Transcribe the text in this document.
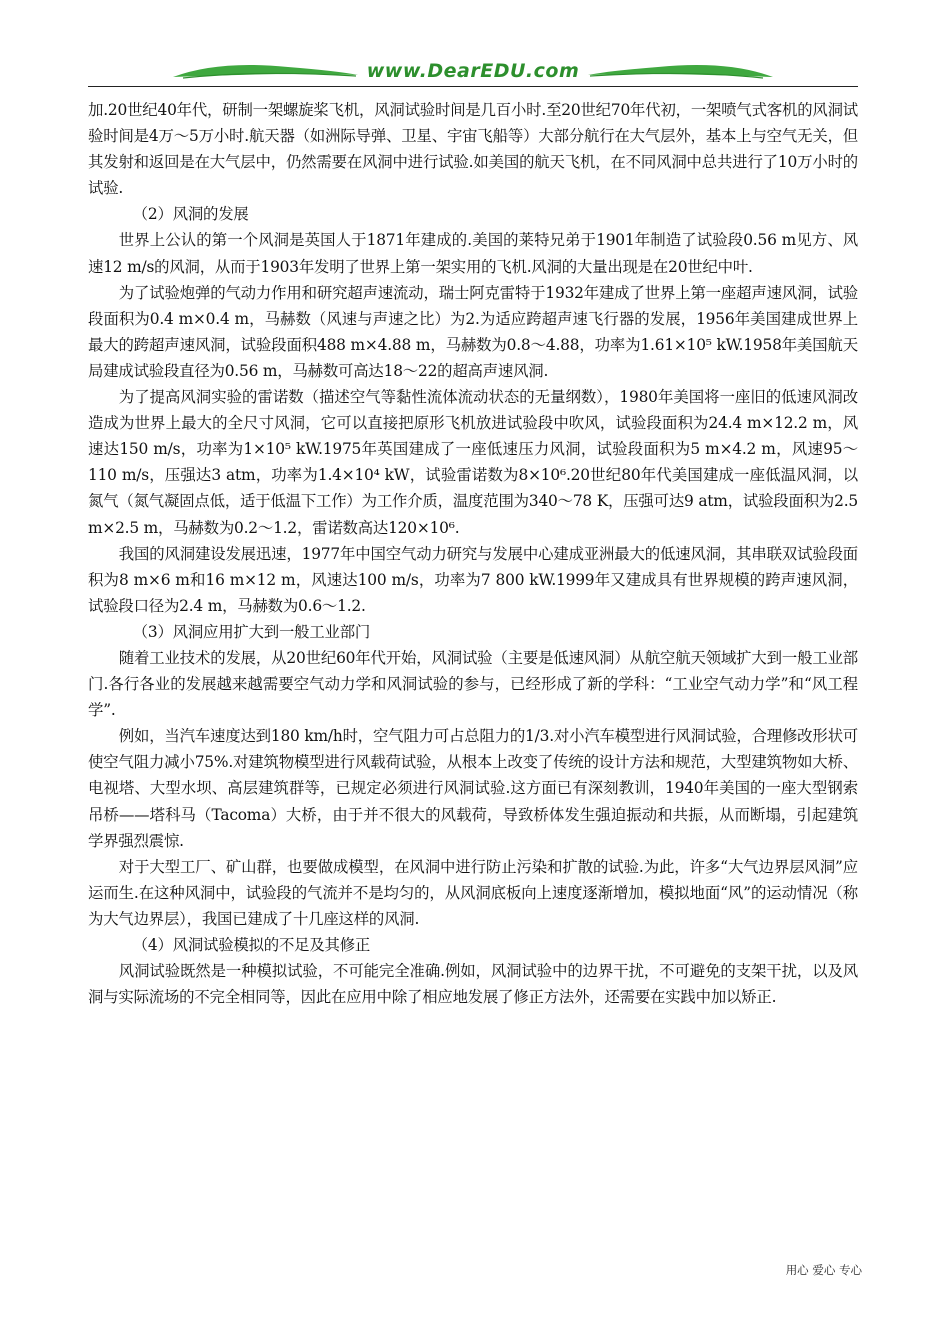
www.DearEDU.com

加.20世纪40年代，研制一架螺旋桨飞机，风洞试验时间是几百小时.至20世纪70年代初，一架喷气式客机的风洞试验时间是4万～5万小时.航天器（如洲际导弹、卫星、宇宙飞船等）大部分航行在大气层外，基本上与空气无关，但其发射和返回是在大气层中，仍然需要在风洞中进行试验.如美国的航天飞机，在不同风洞中总共进行了10万小时的试验.

（2）风洞的发展

世界上公认的第一个风洞是英国人于1871年建成的.美国的莱特兄弟于1901年制造了试验段0.56 m见方、风速12 m/s的风洞，从而于1903年发明了世界上第一架实用的飞机.风洞的大量出现是在20世纪中叶.

为了试验炮弹的气动力作用和研究超声速流动，瑞士阿克雷特于1932年建成了世界上第一座超声速风洞，试验段面积为0.4 m×0.4 m，马赫数（风速与声速之比）为2.为适应跨超声速飞行器的发展，1956年美国建成世界上最大的跨超声速风洞，试验段面积488 m×4.88 m，马赫数为0.8～4.88，功率为1.61×10⁵ kW.1958年美国航天局建成试验段直径为0.56 m，马赫数可高达18～22的超高声速风洞.

为了提高风洞实验的雷诺数（描述空气等黏性流体流动状态的无量纲数），1980年美国将一座旧的低速风洞改造成为世界上最大的全尺寸风洞，它可以直接把原形飞机放进试验段中吹风，试验段面积为24.4 m×12.2 m，风速达150 m/s，功率为1×10⁵ kW.1975年英国建成了一座低速压力风洞，试验段面积为5 m×4.2 m，风速95～110 m/s，压强达3 atm，功率为1.4×10⁴ kW，试验雷诺数为8×10⁶.20世纪80年代美国建成一座低温风洞，以氮气（氮气凝固点低，适于低温下工作）为工作介质，温度范围为340～78 K，压强可达9 atm，试验段面积为2.5 m×2.5 m，马赫数为0.2～1.2，雷诺数高达120×10⁶.

我国的风洞建设发展迅速，1977年中国空气动力研究与发展中心建成亚洲最大的低速风洞，其串联双试验段面积为8 m×6 m和16 m×12 m，风速达100 m/s，功率为7 800 kW.1999年又建成具有世界规模的跨声速风洞，试验段口径为2.4 m，马赫数为0.6～1.2.

（3）风洞应用扩大到一般工业部门

随着工业技术的发展，从20世纪60年代开始，风洞试验（主要是低速风洞）从航空航天领域扩大到一般工业部门.各行各业的发展越来越需要空气动力学和风洞试验的参与，已经形成了新的学科：“工业空气动力学”和“风工程学”.

例如，当汽车速度达到180 km/h时，空气阻力可占总阻力的1/3.对小汽车模型进行风洞试验，合理修改形状可使空气阻力减小75%.对建筑物模型进行风载荷试验，从根本上改变了传统的设计方法和规范，大型建筑物如大桥、电视塔、大型水坝、高层建筑群等，已规定必须进行风洞试验.这方面已有深刻教训，1940年美国的一座大型钢索吊桥——塔科马（Tacoma）大桥，由于并不很大的风载荷，导致桥体发生强迫振动和共振，从而断塌，引起建筑学界强烈震惊.

对于大型工厂、矿山群，也要做成模型，在风洞中进行防止污染和扩散的试验.为此，许多“大气边界层风洞”应运而生.在这种风洞中，试验段的气流并不是均匀的，从风洞底板向上速度逐渐增加，模拟地面“风”的运动情况（称为大气边界层），我国已建成了十几座这样的风洞.

（4）风洞试验模拟的不足及其修正

风洞试验既然是一种模拟试验，不可能完全准确.例如，风洞试验中的边界干扰，不可避免的支架干扰，以及风洞与实际流场的不完全相同等，因此在应用中除了相应地发展了修正方法外，还需要在实践中加以矫正.

用心 爱心 专心
